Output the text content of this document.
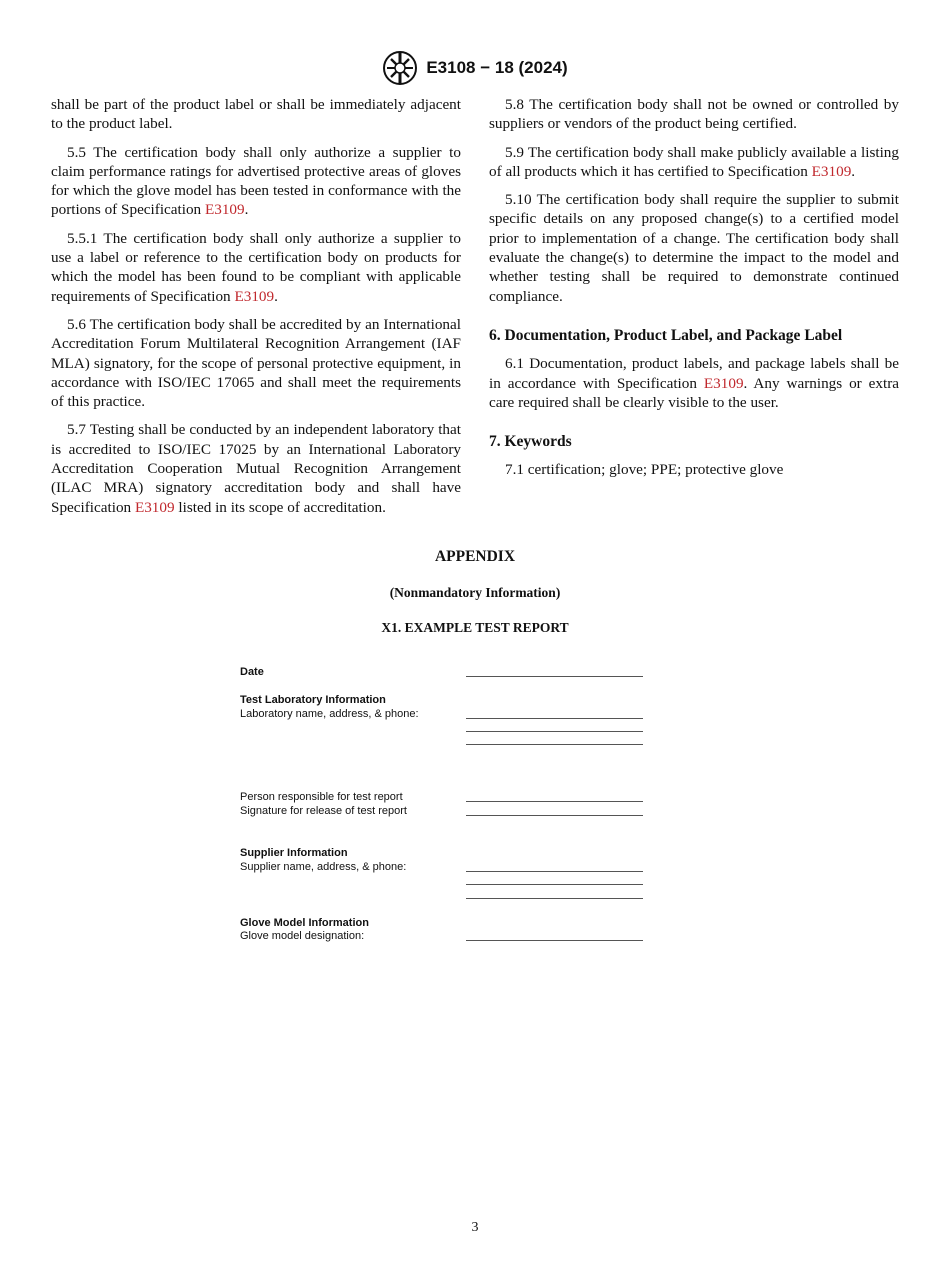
E3108 − 18 (2024)

shall be part of the product label or shall be immediately adjacent to the product label.

5.5 The certification body shall only authorize a supplier to claim performance ratings for advertised protective areas of gloves for which the glove model has been tested in conformance with the portions of Specification E3109.

5.5.1 The certification body shall only authorize a supplier to use a label or reference to the certification body on products for which the model has been found to be compliant with applicable requirements of Specification E3109.

5.6 The certification body shall be accredited by an International Accreditation Forum Multilateral Recognition Arrangement (IAF MLA) signatory, for the scope of personal protective equipment, in accordance with ISO/IEC 17065 and shall meet the requirements of this practice.

5.7 Testing shall be conducted by an independent laboratory that is accredited to ISO/IEC 17025 by an International Laboratory Accreditation Cooperation Mutual Recognition Arrangement (ILAC MRA) signatory accreditation body and shall have Specification E3109 listed in its scope of accreditation.

5.8 The certification body shall not be owned or controlled by suppliers or vendors of the product being certified.

5.9 The certification body shall make publicly available a listing of all products which it has certified to Specification E3109.

5.10 The certification body shall require the supplier to submit specific details on any proposed change(s) to a certified model prior to implementation of a change. The certification body shall evaluate the change(s) to determine the impact to the model and whether testing shall be required to demonstrate continued compliance.

6. Documentation, Product Label, and Package Label

6.1 Documentation, product labels, and package labels shall be in accordance with Specification E3109. Any warnings or extra care required shall be clearly visible to the user.

7. Keywords

7.1 certification; glove; PPE; protective glove

APPENDIX
(Nonmandatory Information)
X1. EXAMPLE TEST REPORT
Date
Test Laboratory Information
Laboratory name, address, & phone:
Person responsible for test report
Signature for release of test report
Supplier Information
Supplier name, address, & phone:
Glove Model Information
Glove model designation:
3
